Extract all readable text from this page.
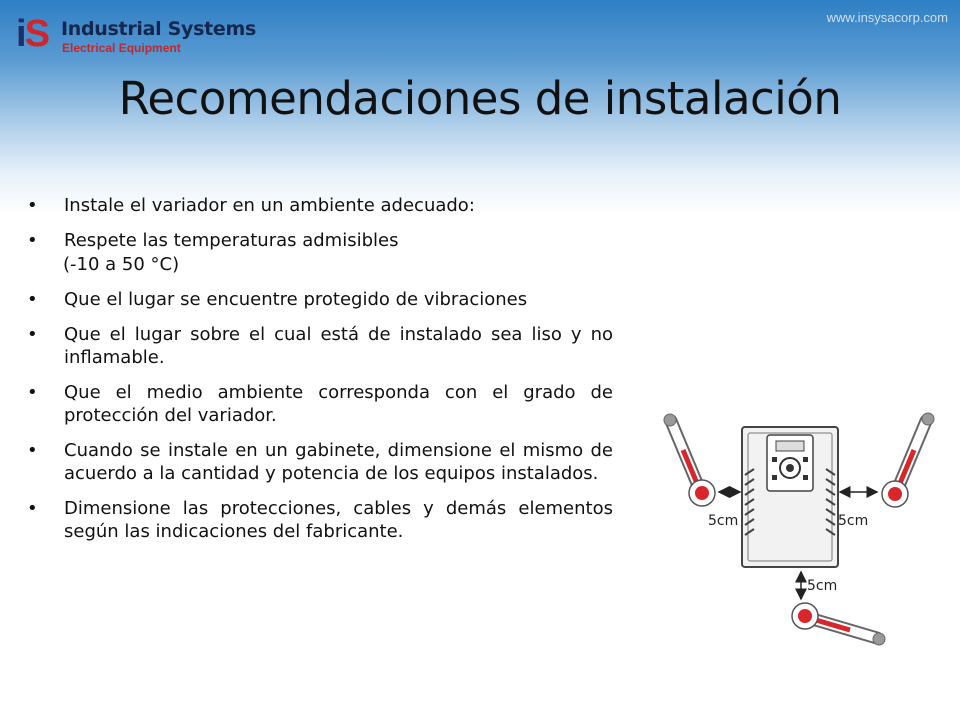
iS Industrial Systems
Electrical Equipment
www.insysacorp.com
Recomendaciones de instalación
• Instale el variador en un ambiente adecuado:
• Respete las temperaturas admisibles
(-10 a 50 °C)
• Que el lugar se encuentre protegido de vibraciones
• Que el lugar sobre el cual está de instalado sea liso y no inflamable.
• Que el medio ambiente corresponda con el grado de protección del variador.
• Cuando se instale en un gabinete, dimensione el mismo de acuerdo a la cantidad y potencia de los equipos instalados.
• Dimensione las protecciones, cables y demás elementos según las indicaciones del fabricante.	5cm	5cm
5cm
